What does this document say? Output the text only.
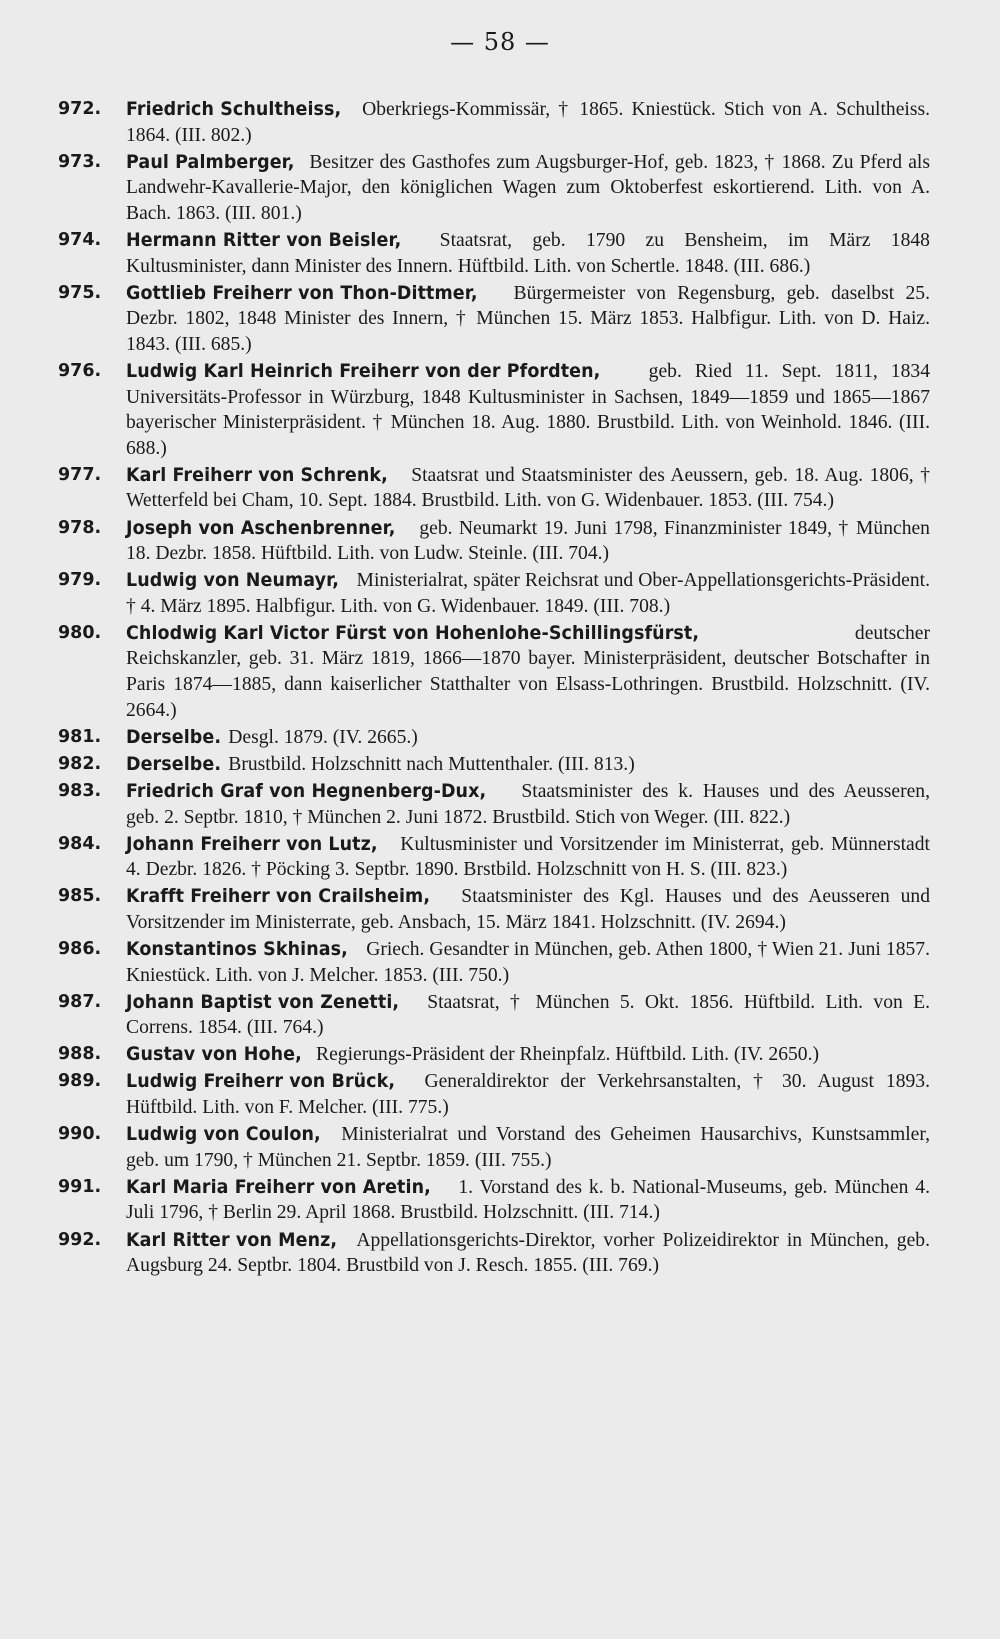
— 58 —
972. Friedrich Schultheiss, Oberkriegs-Kommissär, † 1865. Kniestück. Stich von A. Schultheiss. 1864. (III. 802.)
973. Paul Palmberger, Besitzer des Gasthofes zum Augsburger-Hof, geb. 1823, † 1868. Zu Pferd als Landwehr-Kavallerie-Major, den königlichen Wagen zum Oktoberfest eskortierend. Lith. von A. Bach. 1863. (III. 801.)
974. Hermann Ritter von Beisler, Staatsrat, geb. 1790 zu Bensheim, im März 1848 Kultusminister, dann Minister des Innern. Hüftbild. Lith. von Schertle. 1848. (III. 686.)
975. Gottlieb Freiherr von Thon-Dittmer, Bürgermeister von Regensburg, geb. daselbst 25. Dezbr. 1802, 1848 Minister des Innern, † München 15. März 1853. Halbfigur. Lith. von D. Haiz. 1843. (III. 685.)
976. Ludwig Karl Heinrich Freiherr von der Pfordten, geb. Ried 11. Sept. 1811, 1834 Universitäts-Professor in Würzburg, 1848 Kultusminister in Sachsen, 1849—1859 und 1865—1867 bayerischer Ministerpräsident. † München 18. Aug. 1880. Brustbild. Lith. von Weinhold. 1846. (III. 688.)
977. Karl Freiherr von Schrenk, Staatsrat und Staatsminister des Aeussern, geb. 18. Aug. 1806, † Wetterfeld bei Cham, 10. Sept. 1884. Brustbild. Lith. von G. Widenbauer. 1853. (III. 754.)
978. Joseph von Aschenbrenner, geb. Neumarkt 19. Juni 1798, Finanzminister 1849, † München 18. Dezbr. 1858. Hüftbild. Lith. von Ludw. Steinle. (III. 704.)
979. Ludwig von Neumayr, Ministerialrat, später Reichsrat und Ober-Appellationsgerichts-Präsident. † 4. März 1895. Halbfigur. Lith. von G. Widenbauer. 1849. (III. 708.)
980. Chlodwig Karl Victor Fürst von Hohenlohe-Schillingsfürst,	deutscher Reichskanzler, geb. 31. März 1819, 1866—1870 bayer. Ministerpräsident, deutscher Botschafter in Paris 1874—1885, dann kaiserlicher Statthalter von Elsass-Lothringen. Brustbild. Holzschnitt. (IV. 2664.)
981. Derselbe. Desgl. 1879. (IV. 2665.)
982. Derselbe. Brustbild. Holzschnitt nach Muttenthaler. (III. 813.)
983. Friedrich Graf von Hegnenberg-Dux, Staatsminister des k. Hauses und des Aeusseren, geb. 2. Septbr. 1810, † München 2. Juni 1872. Brustbild. Stich von Weger. (III. 822.)
984. Johann Freiherr von Lutz, Kultusminister und Vorsitzender im Ministerrat, geb. Münnerstadt 4. Dezbr. 1826. † Pöcking 3. Septbr. 1890. Brstbild. Holzschnitt von H. S. (III. 823.)
985. Krafft Freiherr von Crailsheim, Staatsminister des Kgl. Hauses und des Aeusseren und Vorsitzender im Ministerrate, geb. Ansbach, 15. März 1841. Holzschnitt. (IV. 2694.)
986. Konstantinos Skhinas, Griech. Gesandter in München, geb. Athen 1800, † Wien 21. Juni 1857. Kniestück. Lith. von J. Melcher. 1853. (III. 750.)
987. Johann Baptist von Zenetti, Staatsrat, † München 5. Okt. 1856. Hüftbild. Lith. von E. Correns. 1854. (III. 764.)
988. Gustav von Hohe, Regierungs-Präsident der Rheinpfalz. Hüftbild. Lith. (IV. 2650.)
989. Ludwig Freiherr von Brück, Generaldirektor der Verkehrsanstalten, † 30. August 1893. Hüftbild. Lith. von F. Melcher. (III. 775.)
990. Ludwig von Coulon, Ministerialrat und Vorstand des Geheimen Hausarchivs, Kunstsammler, geb. um 1790, † München 21. Septbr. 1859. (III. 755.)
991. Karl Maria Freiherr von Aretin, 1. Vorstand des k. b. National-Museums, geb. München 4. Juli 1796, † Berlin 29. April 1868. Brustbild. Holzschnitt. (III. 714.)
992. Karl Ritter von Menz, Appellationsgerichts-Direktor, vorher Polizeidirektor in München, geb. Augsburg 24. Septbr. 1804. Brustbild von J. Resch. 1855. (III. 769.)
